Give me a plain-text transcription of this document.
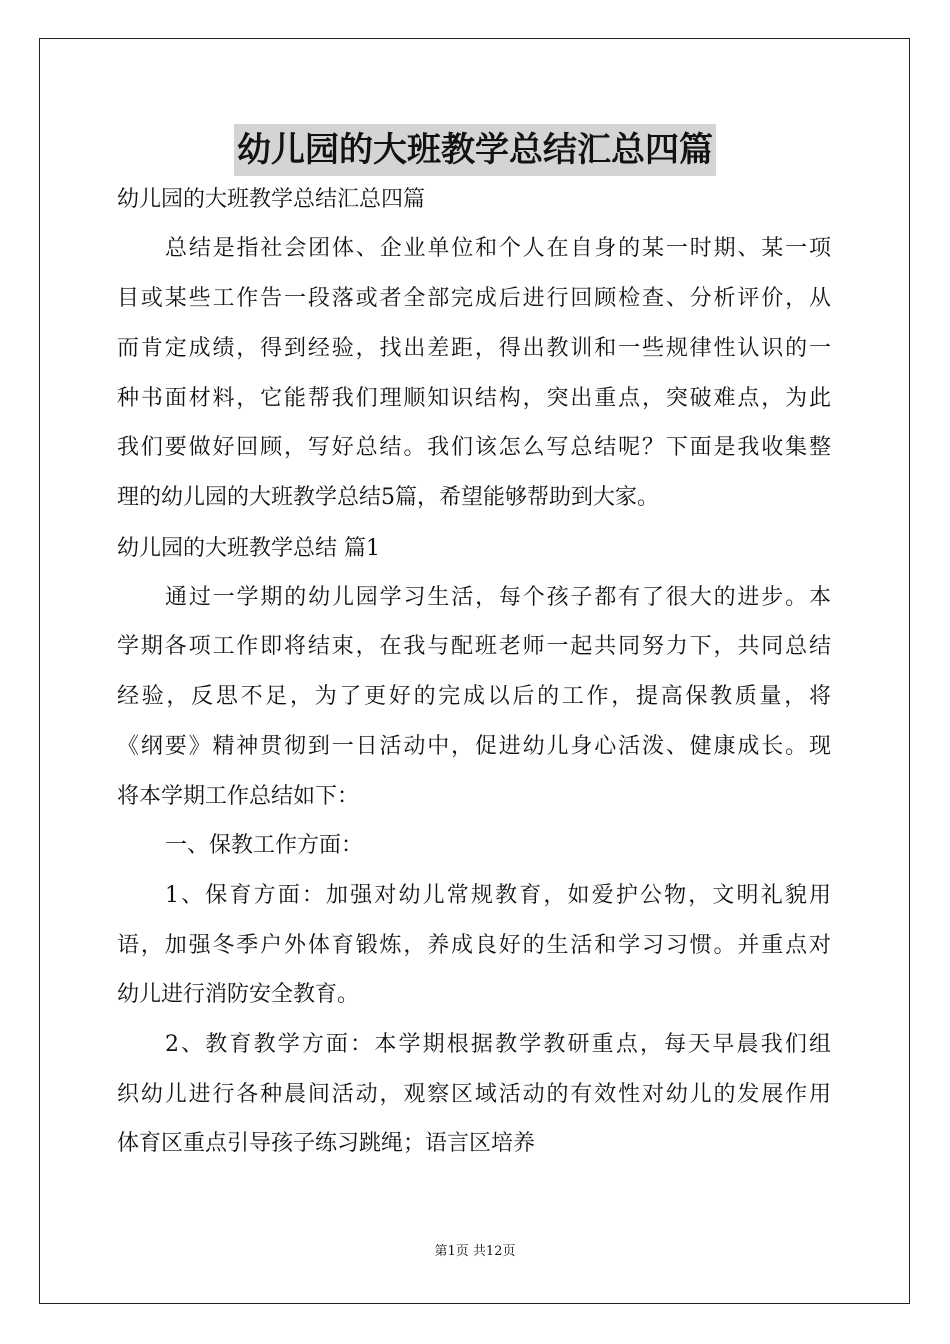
幼儿园的大班教学总结汇总四篇
幼儿园的大班教学总结汇总四篇
总结是指社会团体、企业单位和个人在自身的某一时期、某一项
目或某些工作告一段落或者全部完成后进行回顾检查、分析评价，从
而肯定成绩，得到经验，找出差距，得出教训和一些规律性认识的一
种书面材料，它能帮我们理顺知识结构，突出重点，突破难点，为此
我们要做好回顾，写好总结。我们该怎么写总结呢？下面是我收集整
理的幼儿园的大班教学总结5篇，希望能够帮助到大家。
幼儿园的大班教学总结 篇1
通过一学期的幼儿园学习生活，每个孩子都有了很大的进步。本
学期各项工作即将结束，在我与配班老师一起共同努力下，共同总结
经验，反思不足，为了更好的完成以后的工作，提高保教质量，将
《纲要》精神贯彻到一日活动中，促进幼儿身心活泼、健康成长。现
将本学期工作总结如下：
一、保教工作方面：
1、保育方面：加强对幼儿常规教育，如爱护公物，文明礼貌用
语，加强冬季户外体育锻炼，养成良好的生活和学习习惯。并重点对
幼儿进行消防安全教育。
2、教育教学方面：本学期根据教学教研重点，每天早晨我们组
织幼儿进行各种晨间活动，观察区域活动的有效性对幼儿的发展作用
体育区重点引导孩子练习跳绳；语言区培养
第1页 共12页
